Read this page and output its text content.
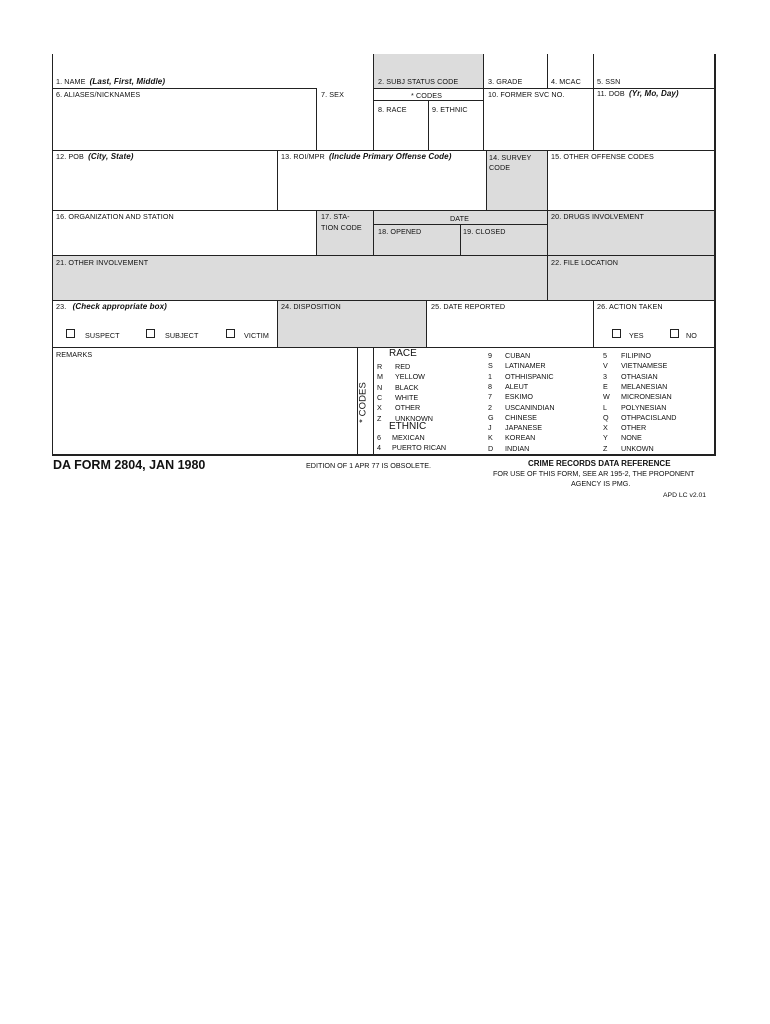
1. NAME (Last, First, Middle)	2. SUBJ STATUS CODE	3. GRADE	4. MCAC 5. SSN
6. ALIASES/NICKNAMES	7. SEX	* CODES	10. FORMER SVC NO.	11. DOB (Yr, Mo, Day)
8. RACE	9. ETHNIC
12. POB (City, State)	13. ROI/MPR (Include Primary Offense Code)	14. SURVEY
CODE
15. OTHER OFFENSE CODES
16. ORGANIZATION AND STATION	17. STA-
TION CODE
DATE
18. OPENED	19. CLOSED
20. DRUGS INVOLVEMENT
21. OTHER INVOLVEMENT	22. FILE LOCATION
23. (Check appropriate box)	24. DISPOSITION	25. DATE REPORTED	26. ACTION TAKEN
SUSPECT	SUBJECT	VICTIM	YES	NO
REMARKS
* CODES
RACE
R RED
M YELLOW
N BLACK
C WHITE
X OTHER
Z UNKNOWN
ETHNIC
6 MEXICAN
4 PUERTO RICAN
9 CUBAN
S LATINAMER
1 OTHHISPANIC
8 ALEUT
7 ESKIMO
2 USCANINDIAN
G CHINESE
J JAPANESE
K KOREAN
D INDIAN
5 FILIPINO
V VIETNAMESE
3 OTHASIAN
E MELANESIAN
W MICRONESIAN
L POLYNESIAN
Q OTHPACISLAND
X OTHER
Y NONE
Z UNKOWN
DA FORM 2804, JAN 1980	EDITION OF 1 APR 77 IS OBSOLETE.	CRIME RECORDS DATA REFERENCE
FOR USE OF THIS FORM, SEE AR 195-2, THE PROPONENT
AGENCY IS PMG.
APD LC v2.01
